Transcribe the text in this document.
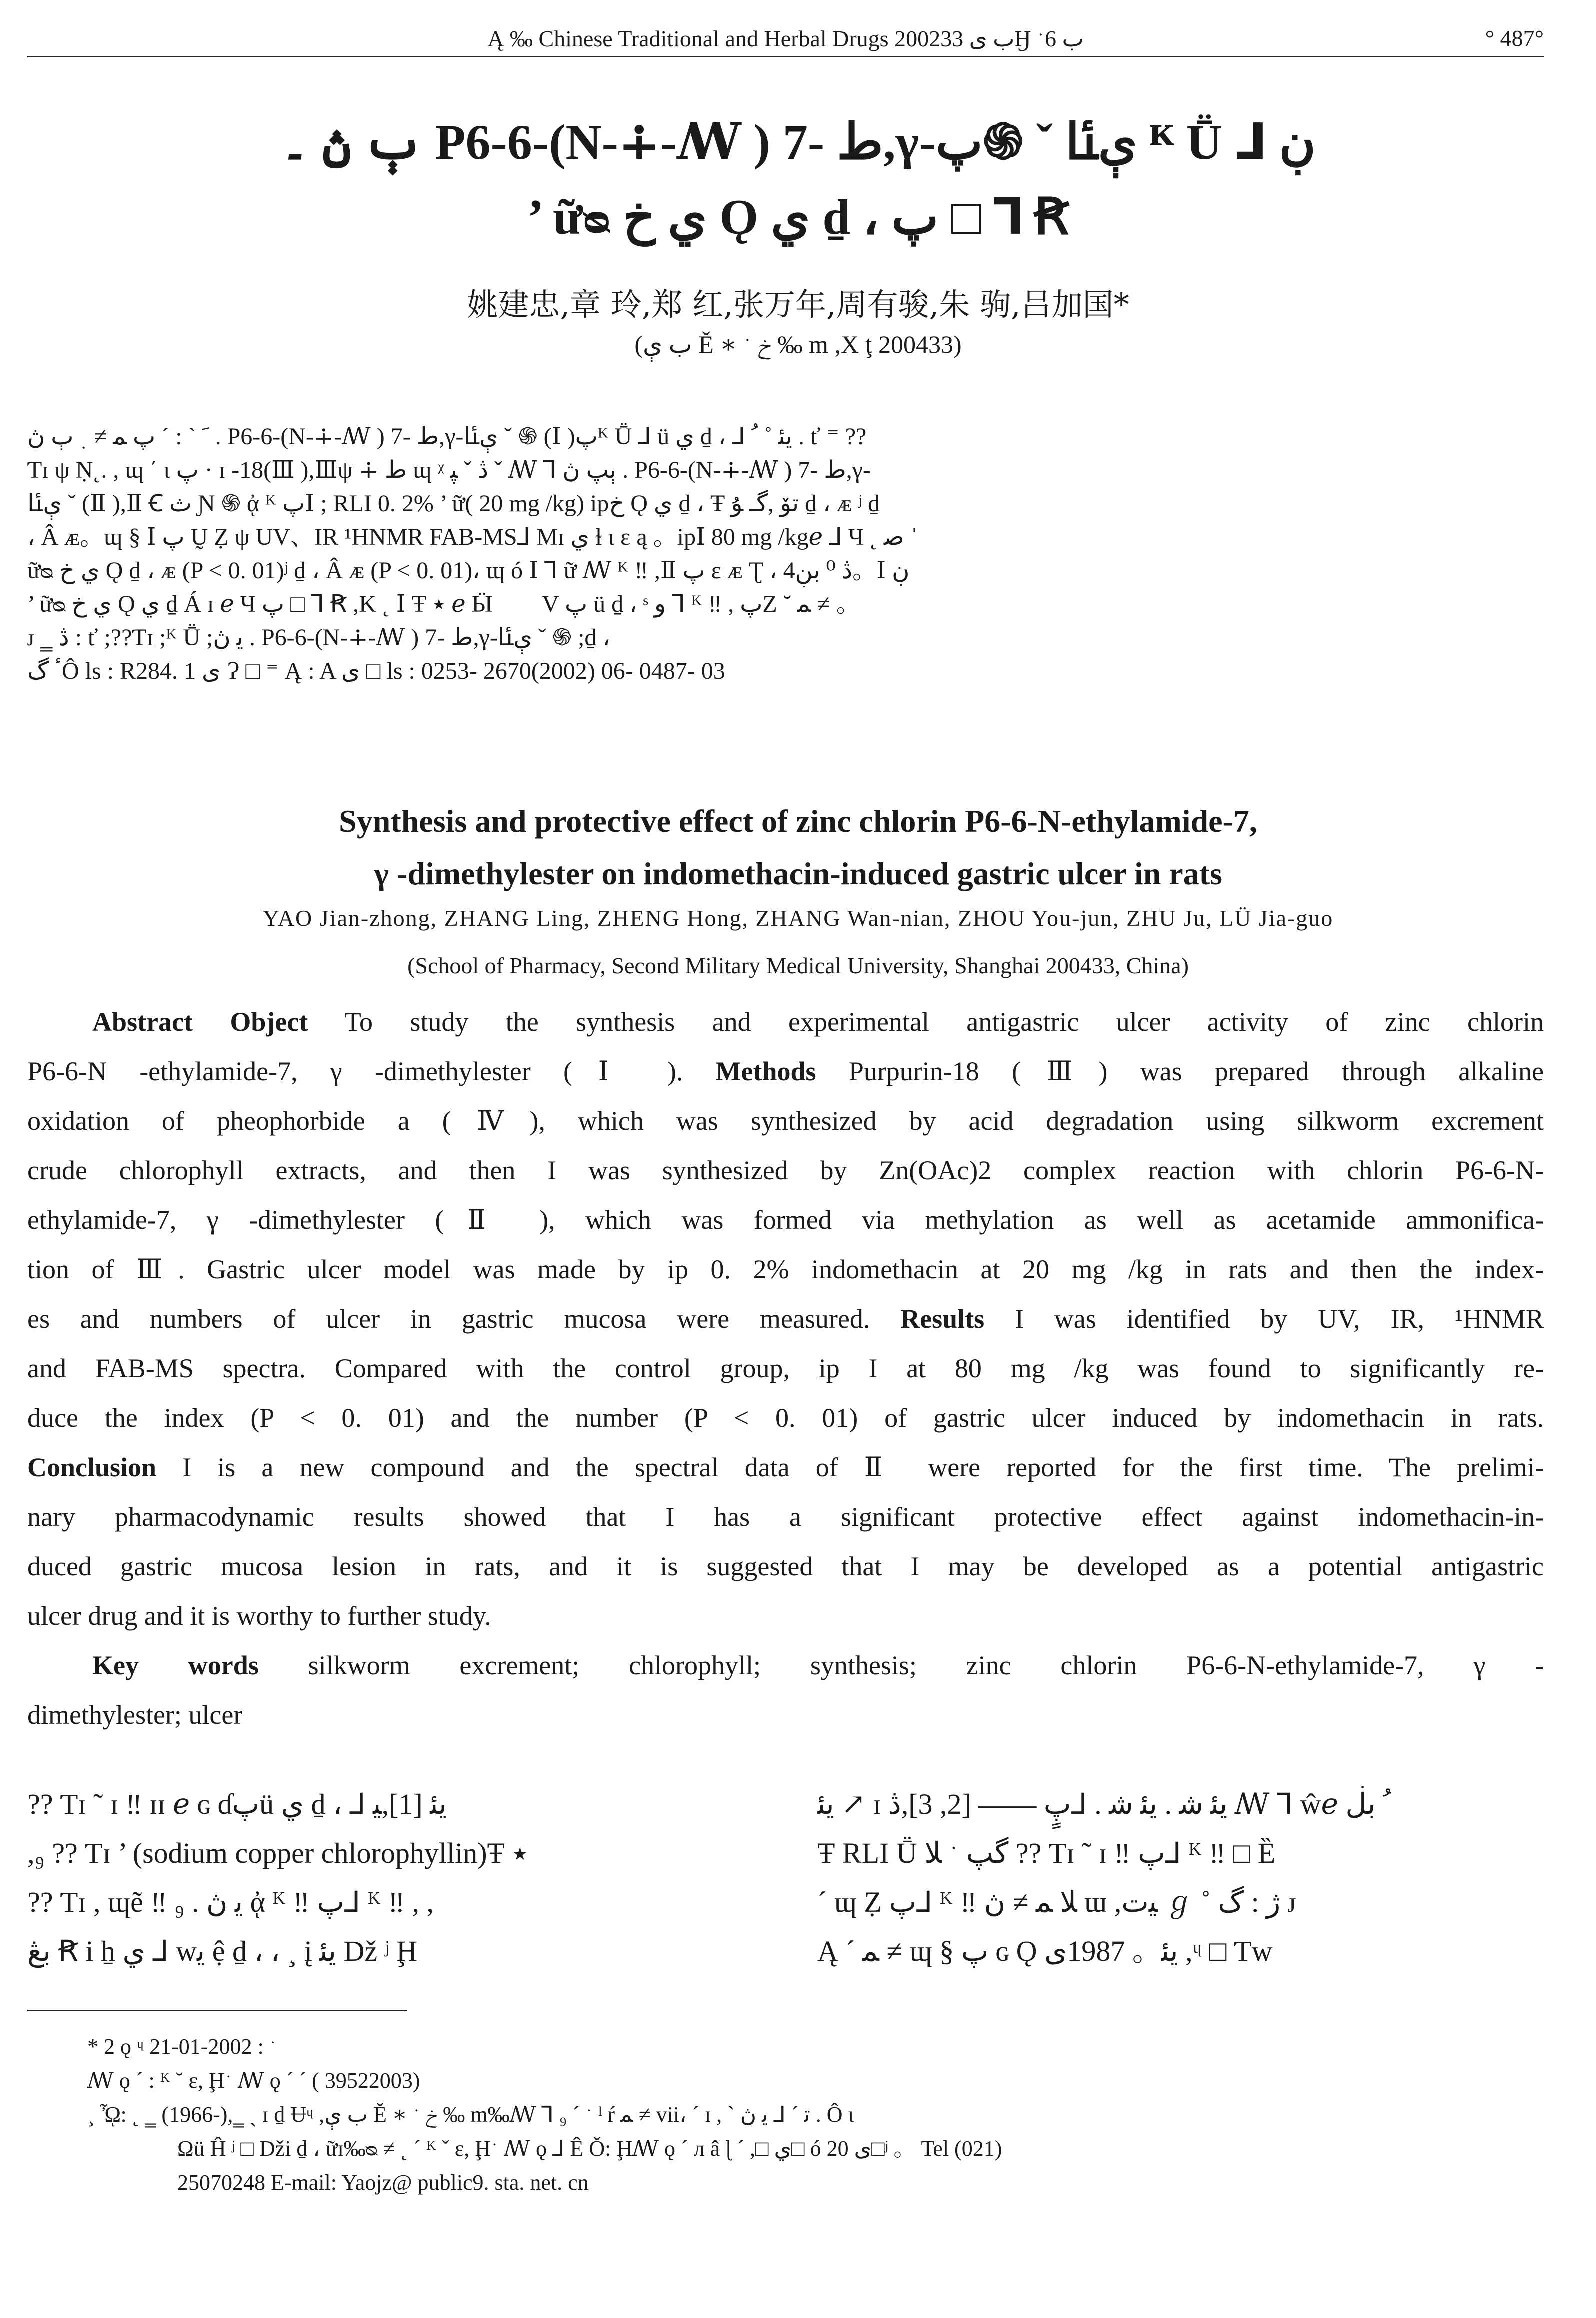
Ą ‰ Chinese Traditional and Herbal Drugs 2002ب ى 33Ӈ ب 6﮲	° 487°
ٻ ڽ ۔ P6-6-(N-∔-ꟿ ) ط -7,γ-ېﯫ ˇ ֍پ ᴷ Ṻ ⅃ ڹ
’ ữᴓ ي خ Ǫ ي ḏ ، پ □ ⅂ Ꞧ
姚建忠,章 玲,郑 红,张万年,周有骏,朱 驹,吕加国*
(ب ې Ě ∗ خ ﮲ ‰ m ,X ţ 200433)
ﹶ ˋ : ˊ پ ﻤ ≠ ﮳ ٻ ڽ . P6-6-(N-∔-ꟿ ) ط -7,γ-ېﯫ ˇ ֍ (Ⅰ )پᴷ Ṻ ⅃ ü ي ḏ ، ⅃ ﯾﺌ ˚ ﹸ . ť ⁼ ??
Ƭɪ ψ Ṇ˛. , ɰ ΄ ι پ · ɪ -18(Ⅲ ),Ⅲψ ∔ ط ɰ ᵡ ڎ ˇ ﭙ ˇ ꟿ ⅂ ٻپ ڽ . P6-6-(N-∔-ꟿ ) ط -7,γ-
ېﯫ ˇ (Ⅱ ),Ⅱ Ꞓ ث Ɲ ֍ ᾀ ᴷ پⅠ ; RLI 0. 2% ’ ữ( 20 mg /kg) ipخ Ǫ ي ḏ ، Ŧ ﺗﯚ ,گـ ﯘ ḏ ، ᴁ ʲ ḏ
، Â ᴁ。ɰ § Ⅰ پ Ṵ Ẓ ψ UV、IR ¹HNMR FAB-MS⅃ Mɪ ي ɫ ι ɛ ą 。ipⅠ 80 mg /kgℯ ⅃ Ч ˛ ﺻ ˈ
ữᴓ ي خ Ǫ ḏ ، ᴁ (P < 0. 01)ʲ ḏ ، Â ᴁ (P < 0. 01)، ɰ ó Ⅰ ⅂ ữ ꟿ ᴷ ‼ ,Ⅱ پ ɛ ᴁ Ʈ ، 4ڎ ⁰ بڹ。Ⅰ ڹ
’ ữᴓ ي خ Ǫ ي ḏ Á ɪ ℯ Ч پ □ ⅂ Ꞧ ,K ˛ Ⅰ Ŧ ٭ ℯ Ӹ شٛ V پ ü ḏ ، ˢ و ⅂ ᴷ ‼ , پZ ˘ ﻤ ≠ 。
ᴊ ‗ ڎ : ť ;??Ƭɪ ;ᴷ Ṻ ;ﯾ ڽ . P6-6-(N-∔-ꟿ ) ط -7,γ-ېﯫ ˇ ֍ ;ḏ ،
ٴ گÔ ls : R284. 1 ی Ɂ □ ⁼ Ą : A ی □ ls : 0253- 2670(2002) 06- 0487- 03
Synthesis and protective effect of zinc chlorin P6-6-N-ethylamide-7,
γ -dimethylester on indomethacin-induced gastric ulcer in rats
YAO Jian-zhong, ZHANG Ling, ZHENG Hong, ZHANG Wan-nian, ZHOU You-jun, ZHU Ju, LÜ Jia-guo
(School of Pharmacy, Second Military Medical University, Shanghai 200433, China)
Abstract Object To study the synthesis and experimental antigastric ulcer activity of zinc chlorin
P6-6-N -ethylamide-7, γ -dimethylester (Ⅰ ). Methods Purpurin-18 (Ⅲ) was prepared through alkaline
oxidation of pheophorbide a (Ⅳ), which was synthesized by acid degradation using silkworm excrement
crude chlorophyll extracts, and then I was synthesized by Zn(OAc)2 complex reaction with chlorin P6-6-N-
ethylamide-7, γ -dimethylester (Ⅱ ), which was formed via methylation as well as acetamide ammonifica-
tion of Ⅲ. Gastric ulcer model was made by ip 0. 2% indomethacin at 20 mg /kg in rats and then the index-
es and numbers of ulcer in gastric mucosa were measured. Results I was identified by UV, IR, ¹HNMR
and FAB-MS spectra. Compared with the control group, ip I at 80 mg /kg was found to significantly re-
duce the index (P < 0. 01) and the number (P < 0. 01) of gastric ulcer induced by indomethacin in rats.
Conclusion I is a new compound and the spectral data of Ⅱ were reported for the first time. The prelimi-
nary pharmacodynamic results showed that I has a significant protective effect against indomethacin-in-
duced gastric mucosa lesion in rats, and it is suggested that I may be developed as a potential antigastric
ulcer drug and it is worthy to further study.
Key words silkworm excrement; chlorophyll; synthesis; zinc chlorin P6-6-N-ethylamide-7, γ -
dimethylester; ulcer
?? Ƭɪ ˜ ɪ ‼ ɪɪ ℯ ɢ ɗپü ي ḏ ، ⅃ ﯾﺌ [1],ﯿ
,₉ ?? Ƭɪ ’ (sodium copper chlorophyllin)Ŧ ٭
?? Ƭɪ , ɰẽ ‼ ﯾ ڽ . ₉ ᾀ ᴷ ‼ پ⅃ ᴷ ‼ , ,
بڠ Ꞧ i ẖ ي ⅃ wﯾ ệ ḏ ، ، ¸ į ﯾﺌ Dž ʲ Ḩ
ﯾﺌ ↗ ɪ ﯾﺌ ﺷ . ﯾﺌ ﺷ . ⅃پٍ —— [2, 3],ڎ ꟿ ⅂ ŵℯ ﹸ بڶ
Ŧ RLI Ṻ گپ ﮲ ﻼ ?? Ƭɪ ˜ ɪ ‼ پ⅃ ᴷ ‼ □ Ȅ
ˊ ɰ Ẓ پ⅃ ᴷ ‼ ﻼ ﻤ ≠ ڽ ɯ ,ﯿت ℊ ˚ ژ : گ ᴊ
Ą ˊ ﻤ ≠ ɰ § پ ɢ Ǫ ﯾﺌ。 1987ى ,ᶣ □ Ƭw
* 2 ǫ ᶣ ﮲ : 2002-01-21
ꟿ ǫ ˊ : ᴷ ˘ ε, Ḩ﮲ ꟿ ǫ ˊ ˊ ( 39522003)
¸ ᾮ: ˛ ‗ (1966-),‗ ˏ ɪ ḏ Ʉᶣ ,ب ې Ě ∗ خ ﮲ ‰ m‰ꟿ ⅂ ﮲ ˊ ₉ ˡ ŕ ﻤ ≠ vii، ˊ ɪ , ˋ ﺗ ˊ ⅃ ﯾ ڽ . Ô ι
Ωü Ĥ ʲ □ Dži ḏ ، ữɪ‰ᴓ ≠ ˛ ˊ ᴷ ˇ ε, Ḩ﮲ ꟿ ǫ ⅃ Ê Ǒ: Ḩꟿ ǫ ˊ л â ɭ ˊ ,□ ي□ ó ی 20□ʲ 。 Tel (021)
25070248 E-mail: Yaojz@ public9. sta. net. cn
